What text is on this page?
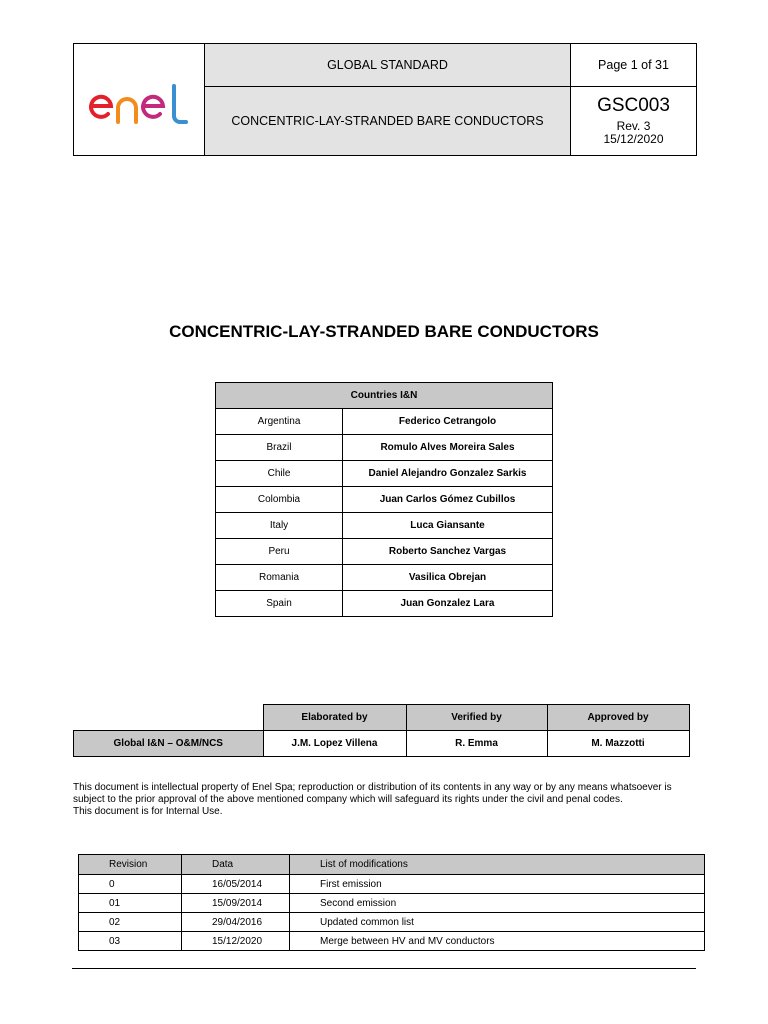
GLOBAL STANDARD
CONCENTRIC-LAY-STRANDED BARE CONDUCTORS
Page 1 of 31
GSC003
Rev. 3
15/12/2020
CONCENTRIC-LAY-STRANDED BARE CONDUCTORS
Countries I&N	
Argentina	Federico Cetrangolo
Brazil	Romulo Alves Moreira Sales
Chile	Daniel Alejandro Gonzalez Sarkis
Colombia	Juan Carlos Gómez Cubillos
Italy	Luca Giansante
Peru	Roberto Sanchez Vargas
Romania	Vasilica Obrejan
Spain	Juan Gonzalez Lara
	Elaborated by	Verified by	Approved by
Global I&N – O&M/NCS	J.M. Lopez Villena	R. Emma	M. Mazzotti
This document is intellectual property of Enel Spa; reproduction or distribution of its contents in any way or by any means whatsoever is subject to the prior approval of the above mentioned company which will safeguard its rights under the civil and penal codes.
This document is for Internal Use.
Revision	Data	List of modifications
0	16/05/2014	First emission
01	15/09/2014	Second emission
02	29/04/2016	Updated common list
03	15/12/2020	Merge between HV and MV conductors
